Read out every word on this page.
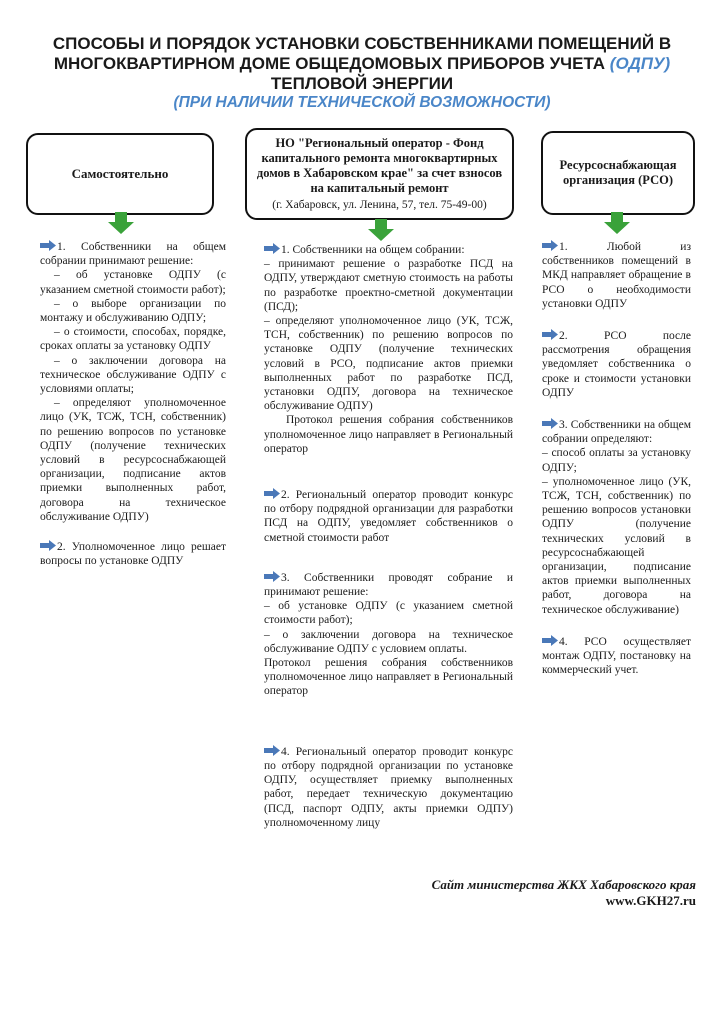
СПОСОБЫ И ПОРЯДОК УСТАНОВКИ СОБСТВЕННИКАМИ ПОМЕЩЕНИЙ В МНОГОКВАРТИРНОМ ДОМЕ ОБЩЕДОМОВЫХ ПРИБОРОВ УЧЕТА (ОДПУ) ТЕПЛОВОЙ ЭНЕРГИИ
(ПРИ НАЛИЧИИ ТЕХНИЧЕСКОЙ ВОЗМОЖНОСТИ)
Самостоятельно
НО "Региональный оператор - Фонд капитального ремонта многоквартирных домов в Хабаровском крае" за счет взносов на капитальный ремонт
(г. Хабаровск, ул. Ленина, 57, тел. 75-49-00)
Ресурсоснабжающая организация (РСО)

1. Собственники на общем собрании принимают решение:

– об установке ОДПУ (с указанием сметной стоимости работ);

– о выборе организации по монтажу и обслуживанию ОДПУ;

– о стоимости, способах, порядке, сроках оплаты за установку ОДПУ

– о заключении договора на техническое обслуживание ОДПУ с условиями оплаты;

– определяют уполномоченное лицо (УК, ТСЖ, ТСН, собственник) по решению вопросов по установке ОДПУ (получение технических условий в ресурсоснабжающей организации, подписание актов приемки выполненных работ, договора на техническое обслуживание ОДПУ)

2. Уполномоченное лицо решает вопросы по установке ОДПУ

1. Собственники на общем собрании:

– принимают решение о разработке ПСД на ОДПУ, утверждают сметную стоимость на работы по разработке проектно-сметной документации (ПСД);

– определяют уполномоченное лицо (УК, ТСЖ, ТСН, собственник) по решению вопросов по установке ОДПУ (получение технических условий в РСО, подписание актов приемки выполненных работ по разработке ПСД, установки ОДПУ, договора на техническое обслуживание ОДПУ)

Протокол решения собрания собственников уполномоченное лицо направляет в Региональный оператор

2. Региональный оператор проводит конкурс по отбору подрядной организации для разработки ПСД на ОДПУ, уведомляет собственников о сметной стоимости работ

3. Собственники проводят собрание и принимают решение:

– об установке ОДПУ (с указанием сметной стоимости работ);

– о заключении договора на техническое обслуживание ОДПУ с условием оплаты.

Протокол решения собрания собственников уполномоченное лицо направляет в Региональный оператор

4. Региональный оператор проводит конкурс по отбору подрядной организации по установке ОДПУ, осуществляет приемку выполненных работ, передает техническую документацию (ПСД, паспорт ОДПУ, акты приемки ОДПУ) уполномоченному лицу

1. Любой из собственников помещений в МКД направляет обращение в РСО о необходимости установки ОДПУ

2. РСО после рассмотрения обращения уведомляет собственника о сроке и стоимости установки ОДПУ

3. Собственники на общем собрании определяют:

– способ оплаты за установку ОДПУ;

– уполномоченное лицо (УК, ТСЖ, ТСН, собственник) по решению вопросов установки ОДПУ (получение технических условий в ресурсоснабжающей организации, подписание актов приемки выполненных работ, договора на техническое обслуживание)

4. РСО осуществляет монтаж ОДПУ, постановку на коммерческий учет.

Сайт министерства ЖКХ Хабаровского края
www.GKH27.ru
